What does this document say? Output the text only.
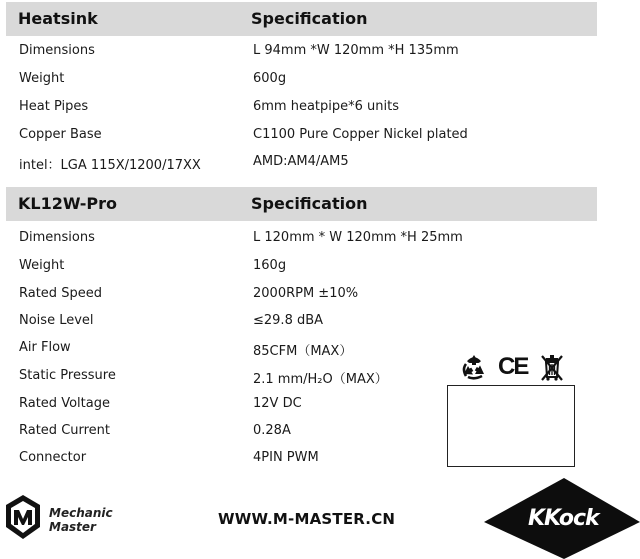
Heatsink	Specification
Dimensions	L 94mm *W 120mm *H 135mm
Weight	600g
Heat Pipes	6mm heatpipe*6 units
Copper Base	C1100 Pure Copper Nickel plated
intel：LGA 115X/1200/17XX	AMD:AM4/AM5
KL12W-Pro	Specification
Dimensions	L 120mm * W 120mm *H 25mm
Weight	160g
Rated Speed	2000RPM ±10%
Noise Level	≤29.8 dBA
Air Flow	85CFM（MAX）
Static Pressure	2.1 mm/H₂O（MAX）
Rated Voltage	12V DC
Rated Current	0.28A
Connector	4PIN PWM
CE
Mechanic
Master	WWW.M-MASTER.CN	KKock
